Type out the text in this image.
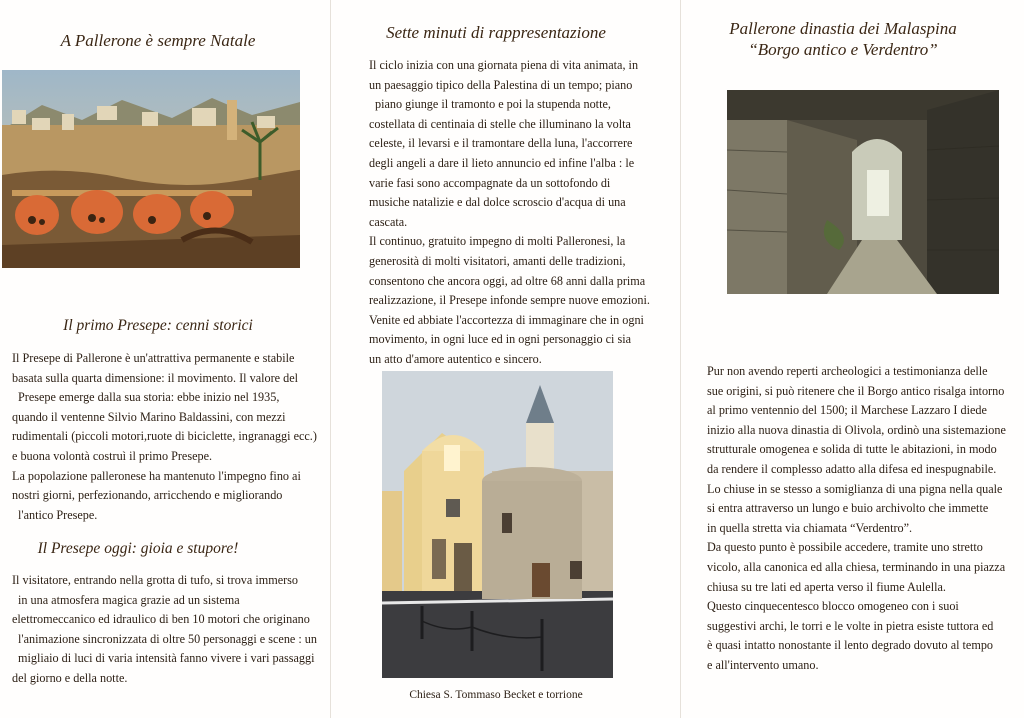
A Pallerone è sempre Natale
Il primo Presepe: cenni storici

Il Presepe di Pallerone è un'attrattiva permanente e stabile

basata sulla quarta dimensione: il movimento. Il valore del

Presepe emerge dalla sua storia: ebbe inizio nel 1935,

quando il ventenne Silvio Marino Baldassini, con mezzi

rudimentali (piccoli motori,ruote di biciclette, ingranaggi ecc.)

e buona volontà costruì il primo Presepe.

La popolazione palleronese ha mantenuto l'impegno fino ai

nostri giorni, perfezionando, arricchendo e migliorando

l'antico Presepe.

Il Presepe oggi: gioia e stupore!

Il visitatore, entrando nella grotta di tufo, si trova immerso

in una atmosfera magica grazie ad un sistema

elettromeccanico ed idraulico di ben 10 motori che originano

l'animazione sincronizzata di oltre 50 personaggi e scene : un

migliaio di luci di varia intensità fanno vivere i vari passaggi

del giorno e della notte.

Sette minuti di rappresentazione

Il ciclo inizia con una giornata piena di vita animata, in

un paesaggio tipico della Palestina di un tempo; piano

piano giunge il tramonto e poi la stupenda notte,

costellata di centinaia di stelle che illuminano la volta

celeste, il levarsi e il tramontare della luna, l'accorrere

degli angeli a dare il lieto annuncio ed infine l'alba : le

varie fasi sono accompagnate da un sottofondo di

musiche natalizie e dal dolce scroscio d'acqua di una

cascata.

Il continuo, gratuito impegno di molti Palleronesi, la

generosità di molti visitatori, amanti delle tradizioni,

consentono che ancora oggi, ad oltre 68 anni dalla prima

realizzazione, il Presepe infonde sempre nuove emozioni.

Venite ed abbiate l'accortezza di immaginare che in ogni

movimento, in ogni luce ed in ogni personaggio ci sia

un atto d'amore autentico e sincero.

Chiesa S. Tommaso Becket e torrione

Pallerone dinastia dei Malaspina
“Borgo antico e Verdentro”

Pur non avendo reperti archeologici a testimonianza delle

sue origini, si può ritenere che il Borgo antico risalga intorno

al primo ventennio del 1500; il Marchese Lazzaro I diede

inizio alla nuova dinastia di Olivola, ordinò una sistemazione

strutturale omogenea e solida di tutte le abitazioni, in modo

da rendere il complesso adatto alla difesa ed inespugnabile.

Lo chiuse in se stesso a somiglianza di una pigna nella quale

si entra attraverso un lungo e buio archivolto che immette

in quella stretta via chiamata “Verdentro”.

Da questo punto è possibile accedere, tramite uno stretto

vicolo, alla canonica ed alla chiesa, terminando in una piazza

chiusa su tre lati ed aperta verso il fiume Aulella.

Questo cinquecentesco blocco omogeneo con i suoi

suggestivi archi, le torri e le volte in pietra esiste tuttora ed

è quasi intatto nonostante il lento degrado dovuto al tempo

e all'intervento umano.
